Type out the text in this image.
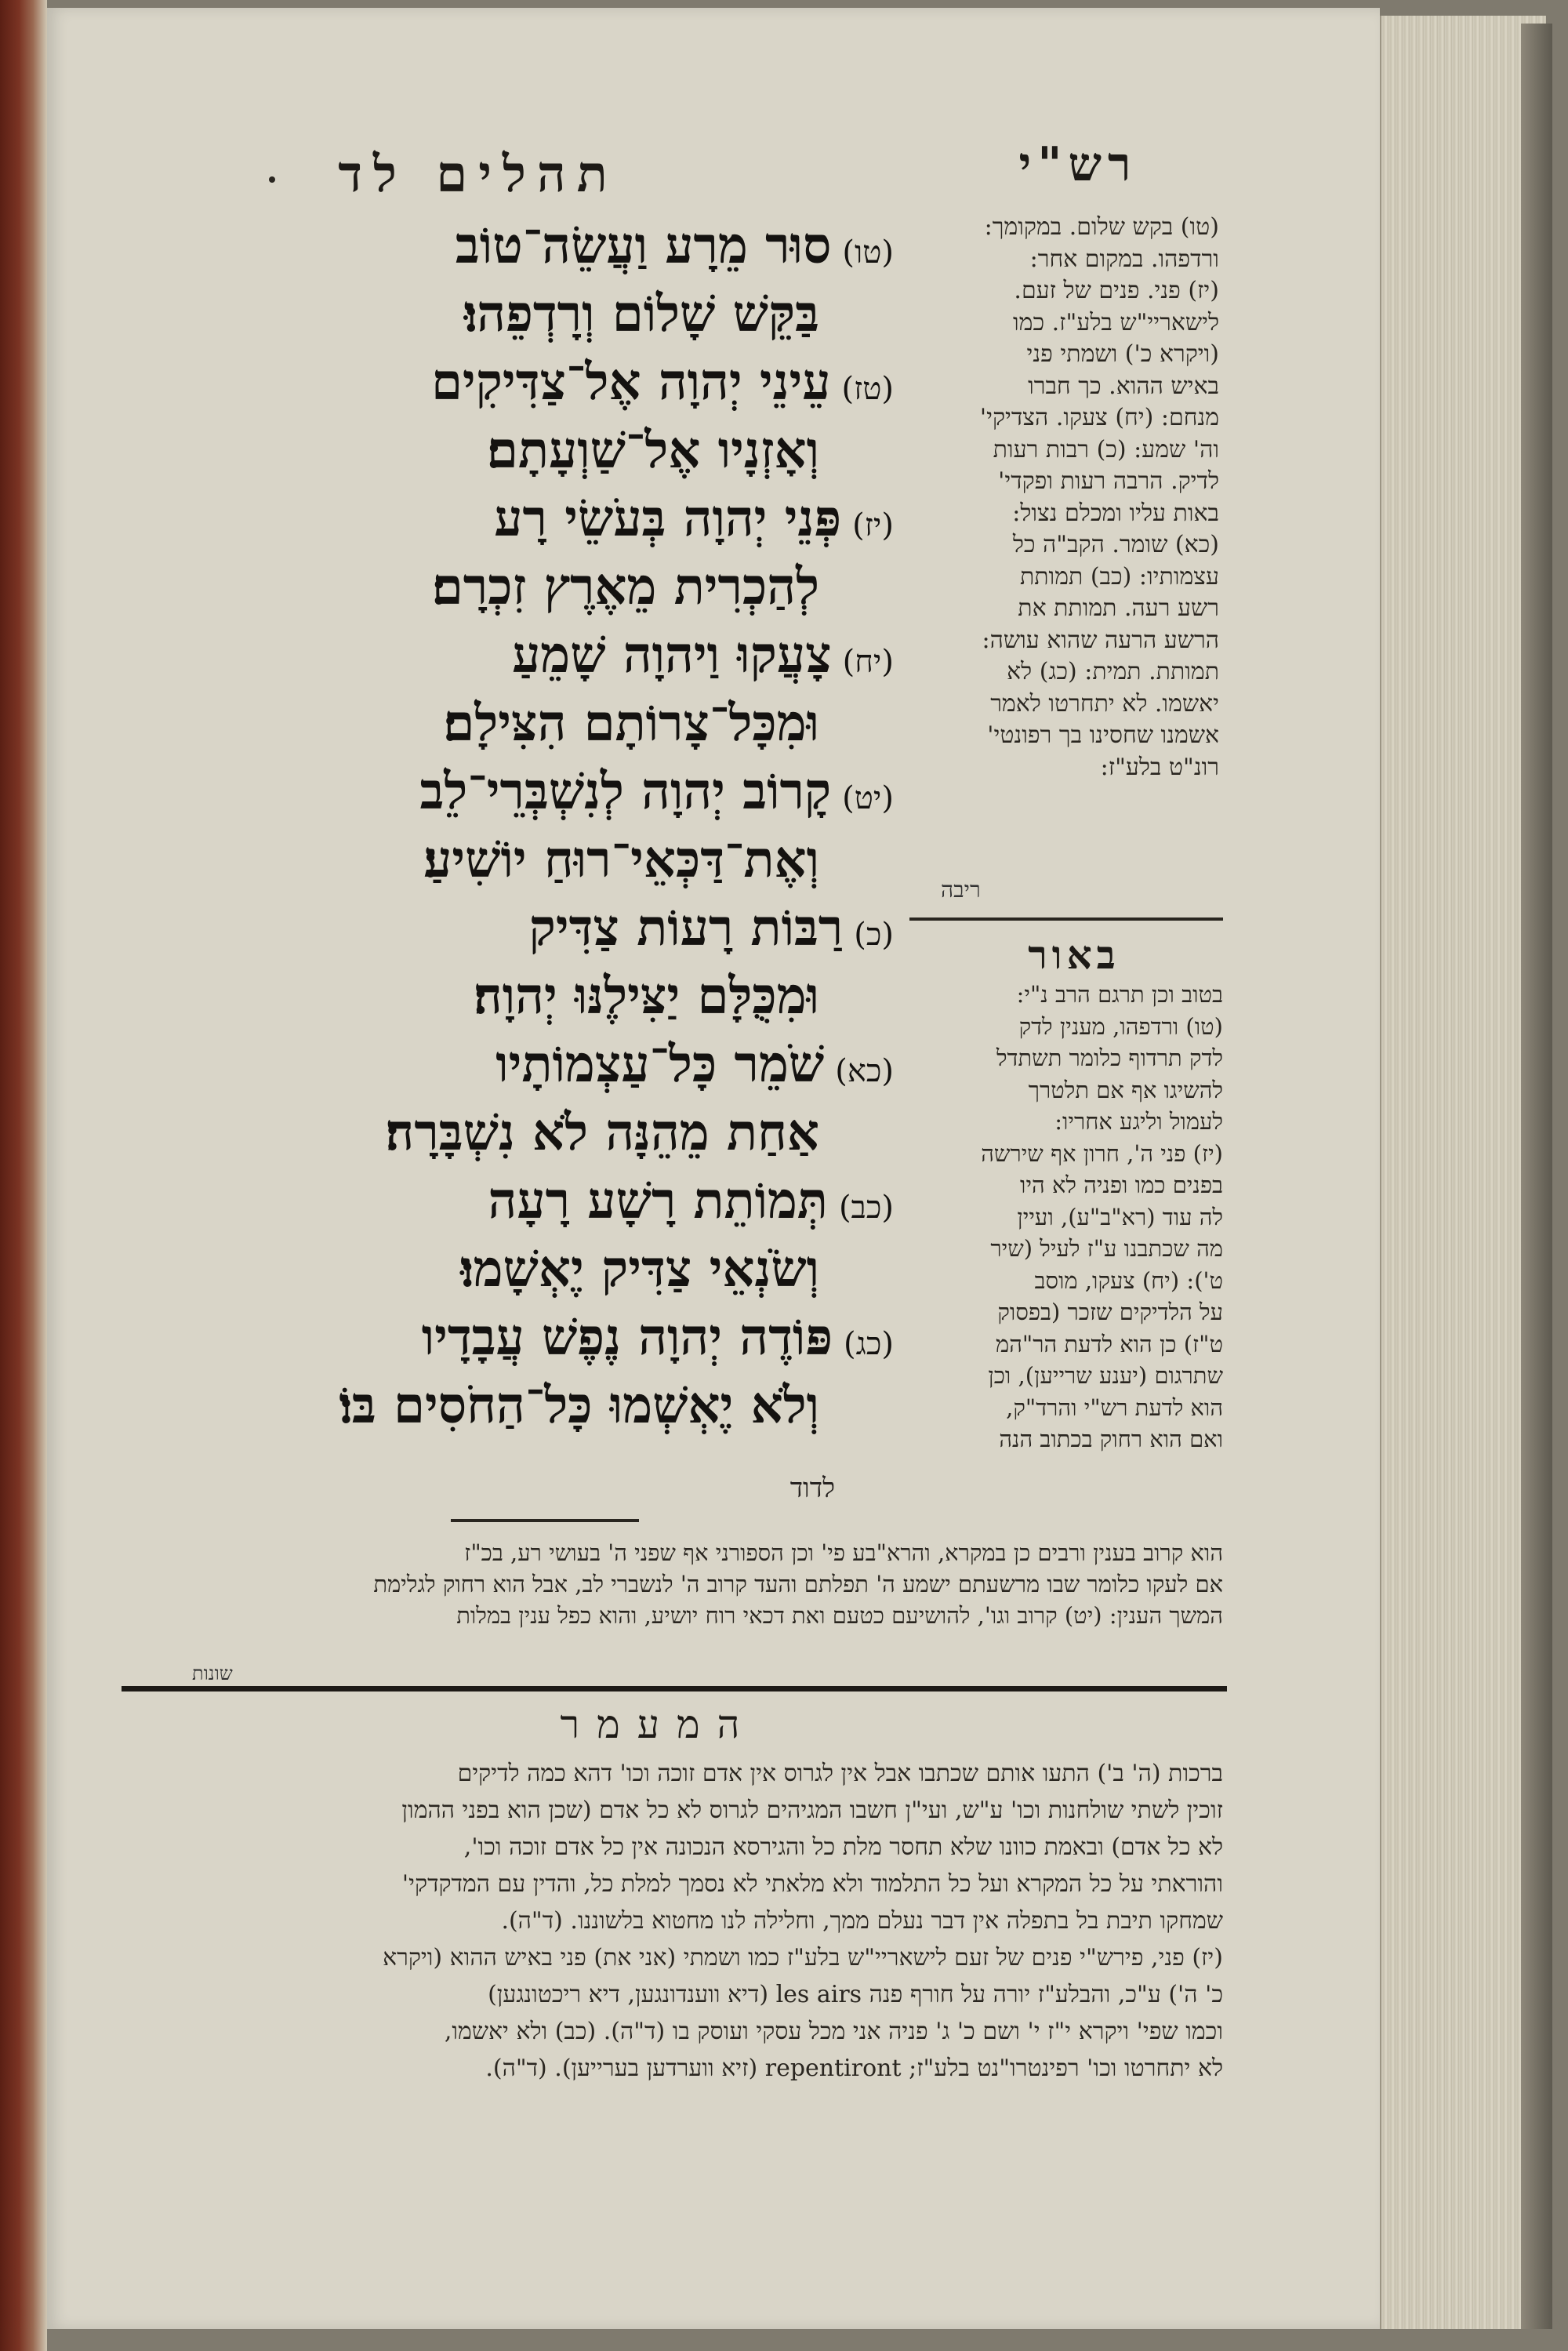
תהלים לד	רש"י
(טו)סוּר מֵרָע וַעֲשֵׂה־טוֹב
בַּקֵּשׁ שָׁלוֹם וְרָדְפֵהוּ׃
(טז)עֵינֵי יְהוָה אֶל־צַדִּיקִים
וְאָזְנָיו אֶל־שַׁוְעָתָם׃
(יז)פְּנֵי יְהוָה בְּעֹשֵׂי רָע
לְהַכְרִית מֵאֶרֶץ זִכְרָם׃
(יח)צָעֲקוּ וַיהוָה שָׁמֵעַ
וּמִכָּל־צָרוֹתָם הִצִּילָם׃
(יט)קָרוֹב יְהוָה לְנִשְׁבְּרֵי־לֵב
וְאֶת־דַּכְּאֵי־רוּחַ יוֹשִׁיעַ׃
(כ)רַבּוֹת רָעוֹת צַדִּיק
וּמִכֻּלָּם יַצִּילֶנּוּ יְהוָה׃
(כא)שֹׁמֵר כָּל־עַצְמוֹתָיו
אַחַת מֵהֵנָּה לֹא נִשְׁבָּרָה׃
(כב)תְּמוֹתֵת רָשָׁע רָעָה
וְשֹׂנְאֵי צַדִּיק יֶאְשָׁמוּ׃
(כג)פּוֹדֶה יְהוָה נֶפֶשׁ עֲבָדָיו
וְלֹא יֶאְשְׁמוּ כָּל־הַחֹסִים בּוֹ׃
לדוד
(טו) בקש שלום. במקומך:
ורדפהו. במקום אחר:
(יז) פני. פנים של זעם.
לישאריי"ש בלע"ז. כמו
(ויקרא כ') ושמתי פני
באיש ההוא. כך חברו
מנחם: (יח) צעקו. הצדיקי'
וה' שמע: (כ) רבות רעות
לדיק. הרבה רעות ופקדי'
באות עליו ומכלם נצול:
(כא) שומר. הקב"ה כל
עצמותיו: (כב) תמותת
רשע רעה. תמותת את
הרשע הרעה שהוא עושה:
תמותת. תמית: (כג) לא
יאשמו. לא יתחרטו לאמר
אשמנו שחסינו בך רפונטי'
רונ"ט בלע"ז:
ריבה
באור
בטוב וכן תרגם הרב נ"י:
(טו) ורדפהו, מענין לדק
לדק תרדוף כלומר תשתדל
להשיגו אף אם תלטרך
לעמול וליגע אחריו:
(יז) פני ה', חרון אף שירשה
בפנים כמו ופניה לא היו
לה עוד (רא"ב"ע), ועיין
מה שכתבנו ע"ז לעיל (שיר
ט'): (יח) צעקו, מוסב
על הלדיקים שזכר (בפסוק
ט"ז) כן הוא לדעת הר"המ
שתרגום (יענע שרייען), וכן
הוא לדעת רש"י והרד"ק,
ואם הוא רחוק בכתוב הנה
הוא קרוב בענין ורבים כן במקרא, והרא"בע פי' וכן הספורני אף שפני ה' בעושי רע, בכ"ז
אם לעקו כלומר שבו מרשעתם ישמע ה' תפלתם והעד קרוב ה' לנשברי לב, אבל הוא רחוק לגלימת
המשך הענין: (יט) קרוב וגו', להושיעם כטעם ואת דכאי רוח יושיע, והוא כפל ענין במלות
שונות
המעמר
ברכות (ה' ב') התעו אותם שכתבו אבל אין לגרוס אין אדם זוכה וכו' דהא כמה לדיקים
זוכין לשתי שולחנות וכו' ע"ש, ועי"ן חשבו המגיהים לגרוס לא כל אדם (שכן הוא בפני ההמון
לא כל אדם) ובאמת כוונו שלא תחסר מלת כל והגירסא הנכונה אין כל אדם זוכה וכו',
והוראתי על כל המקרא ועל כל התלמוד ולא מלאתי לא נסמך למלת כל, והדין עם המדקדקי'
שמחקו תיבת בל בתפלה אין דבר נעלם ממך, וחלילה לנו מחטוא בלשוננו. (ד"ה).
(יז) פני, פירש"י פנים של זעם לישאריי"ש בלע"ז כמו ושמתי (אני את) פני באיש ההוא (ויקרא
כ' ה') ע"כ, והבלע"ז יורה על חורף פנה les airs (דיא ווענדונגען, דיא ריכטונגען)
וכמו שפי' ויקרא י"ז י' ושם כ' ג' פניה אני מכל עסקי ועוסק בו (ד"ה). (כב) ולא יאשמו,
לא יתחרטו וכו' רפינטרו"נט בלע"ז; repentiront (זיא ווערדען בערייען). (ד"ה).
